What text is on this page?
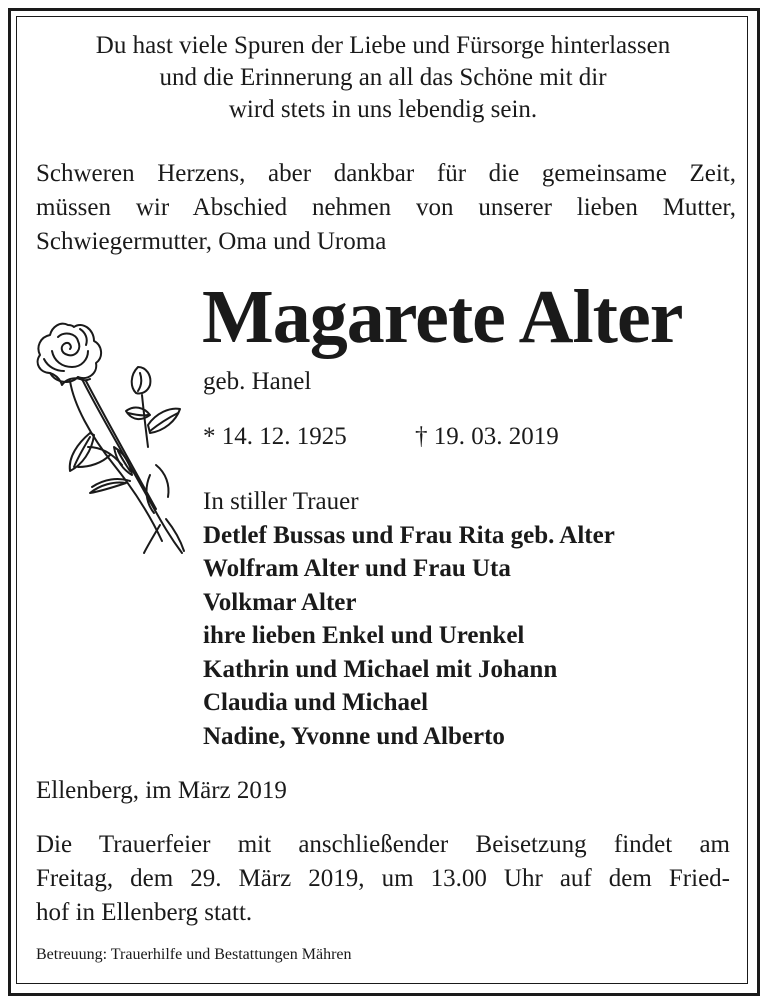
Du hast viele Spuren der Liebe und Fürsorge hinterlassen
und die Erinnerung an all das Schöne mit dir
wird stets in uns lebendig sein.
Schweren Herzens, aber dankbar für die gemeinsame Zeit,
müssen wir Abschied nehmen von unserer lieben Mutter,
Schwiegermutter, Oma und Uroma
Magarete Alter
geb. Hanel
* 14. 12. 1925	† 19. 03. 2019
In stiller Trauer
Detlef Bussas und Frau Rita geb. Alter
Wolfram Alter und Frau Uta
Volkmar Alter
ihre lieben Enkel und Urenkel
Kathrin und Michael mit Johann
Claudia und Michael
Nadine, Yvonne und Alberto
Ellenberg, im März 2019
Die Trauerfeier mit anschließender Beisetzung findet am
Freitag, dem 29. März 2019, um 13.00 Uhr auf dem Fried-
hof in Ellenberg statt.
Betreuung: Trauerhilfe und Bestattungen Mähren
